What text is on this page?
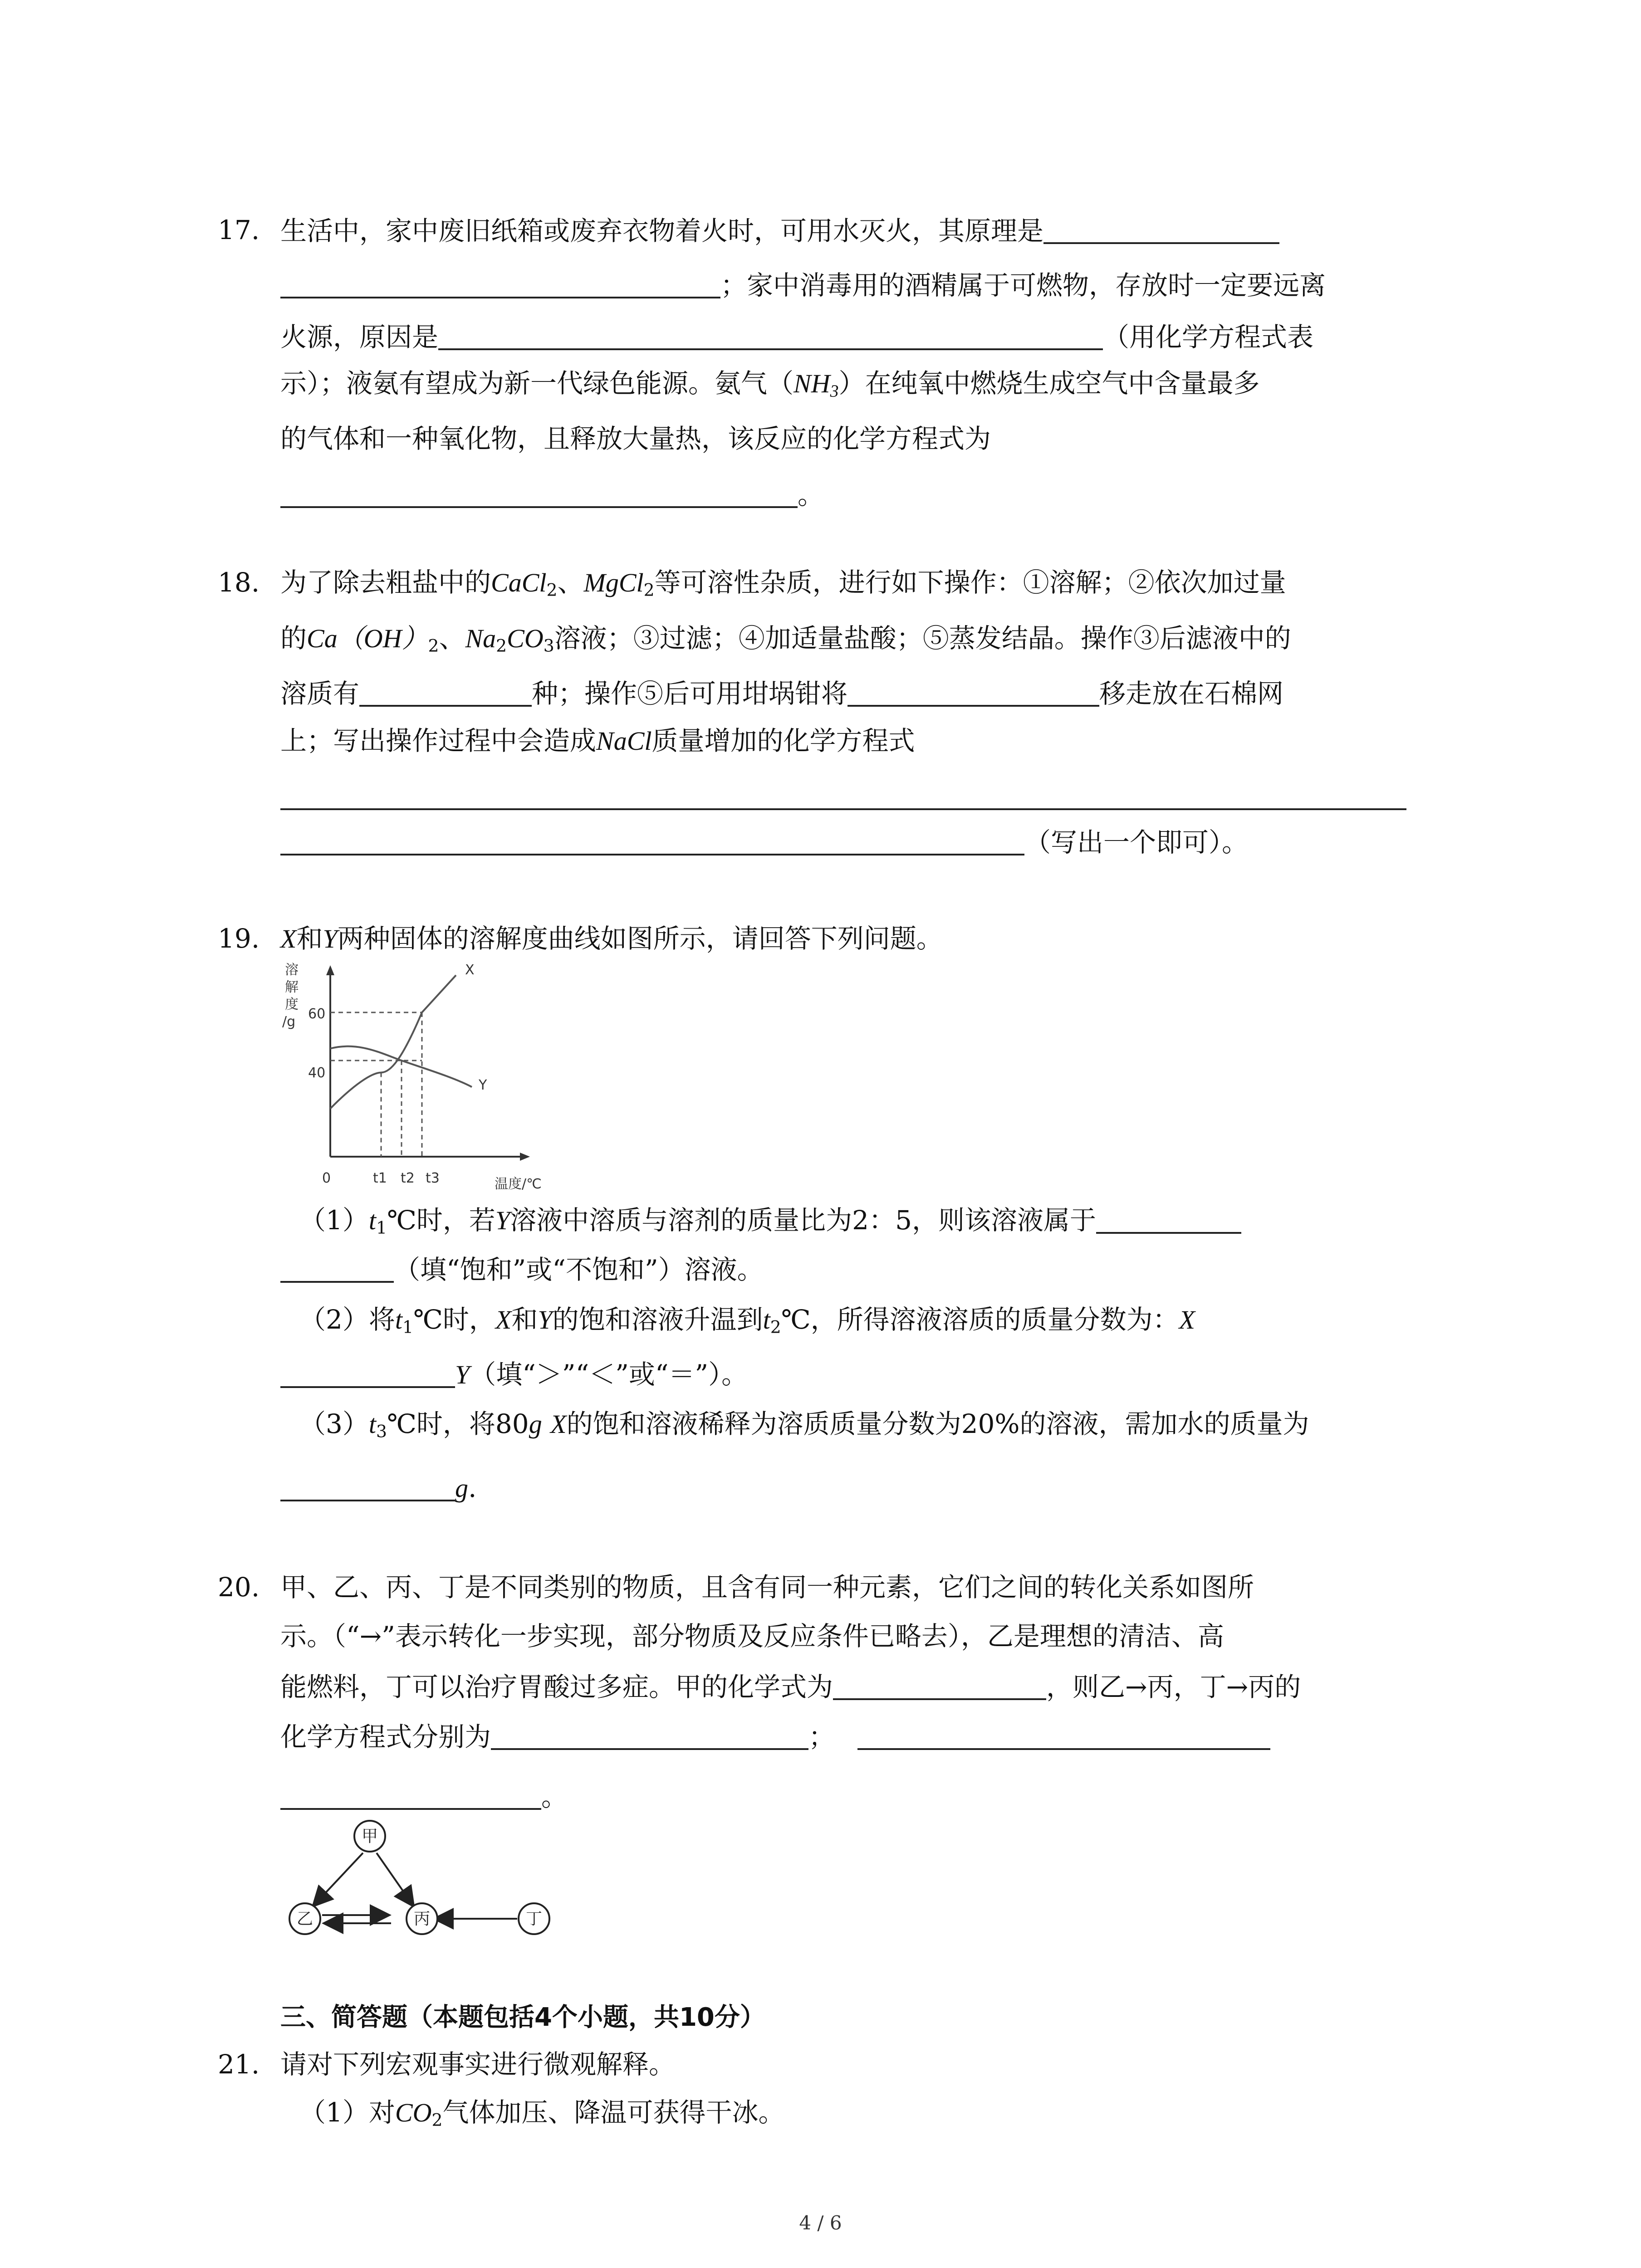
17. 生活中，家中废旧纸箱或废弃衣物着火时，可用水灭火，其原理是
；家中消毒用的酒精属于可燃物，存放时一定要远离
火源，原因是	（用化学方程式表
示）；液氨有望成为新一代绿色能源。氨气$(NH_3)$在纯氧中燃烧生成空气中含量最多
的气体和一种氧化物，且释放大量热，该反应的化学方程式为
。
18. 为了除去粗盐中的CaCl$_2$、MgCl$_2$等可溶性杂质，进行如下操作：①溶解；②依次加过量
的$Ca(OH)_2$、$Na_2CO_3$溶液；③过滤；④加适量盐酸；⑤蒸发结晶。操作③后滤液中的
溶质有	种；操作⑤后可用坩埚钳将	移走放在石棉网
上；写出操作过程中会造成NaCl质量增加的化学方程式
（写出一个即可）。
19. X和Y两种固体的溶解度曲线如图所示，请回答下列问题。
溶
解
度
/g
0
60
40
t1 t2 t3	温度/℃
X
Y
$(1)t_1℃$时，若Y溶液中溶质与溶剂的质量比为2：5，则该溶液属于
（填“饱和”或“不饱和”）溶液。
（2）将$t_1℃$时，X和Y的饱和溶液升温到$t_2℃$，所得溶液溶质的质量分数为：X
Y（填“＞”“＜”或“＝”）。
$(3)t_3℃$时，将80g X的饱和溶液稀释为溶质质量分数为20%的溶液，需加水的质量为
g.
20. 甲、乙、丙、丁是不同类别的物质，且含有同一种元素，它们之间的转化关系如图所
示。（“→”表示转化一步实现，部分物质及反应条件已略去），乙是理想的清洁、高
能燃料，丁可以治疗胃酸过多症。甲的化学式为	，则乙→丙，丁→丙的
化学方程式分别为	；
。
甲
乙	丙	丁
三、简答题（本题包括4个小题，共10分）
21. 请对下列宏观事实进行微观解释。
（1）对$CO_2$气体加压、降温可获得干冰。
4 / 6
